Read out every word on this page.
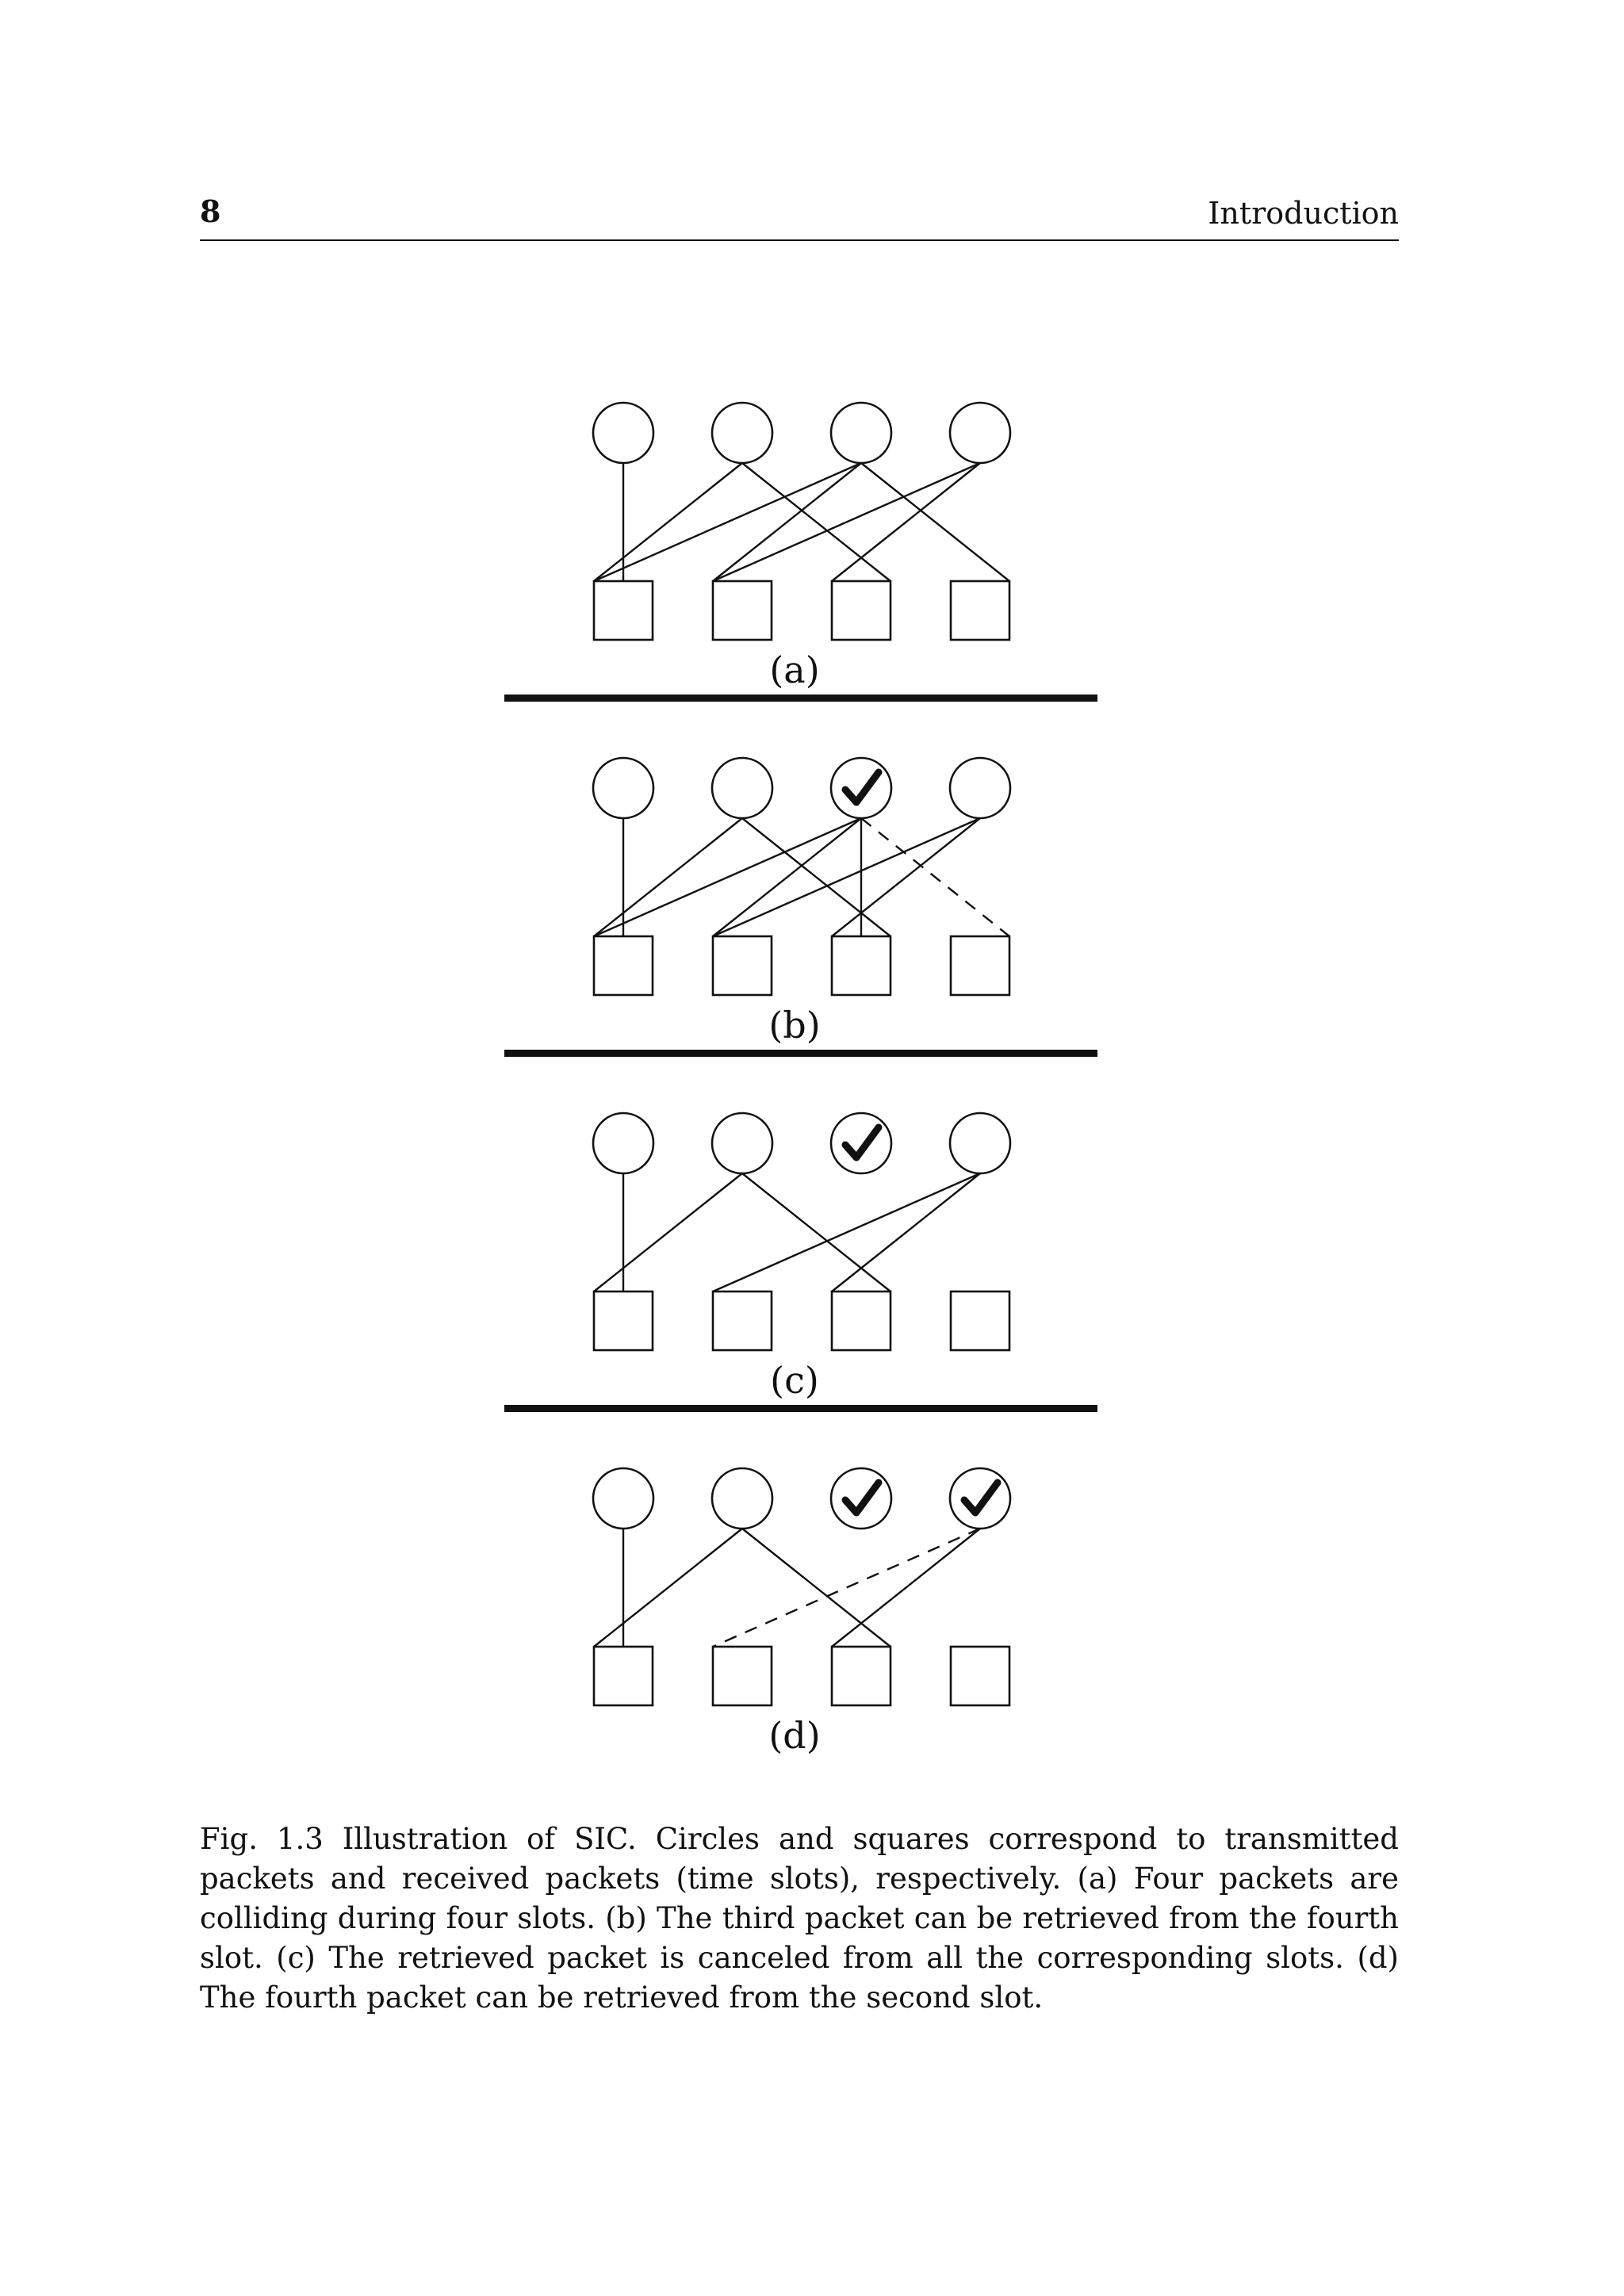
8	Introduction
(a)
(b)
(c)
(d)

Fig. 1.3 Illustration of SIC. Circles and squares correspond to transmitted packets and received packets (time slots), respectively. (a) Four packets are colliding during four slots. (b) The third packet can be retrieved from the fourth slot. (c) The retrieved packet is canceled from all the corresponding slots. (d) The fourth packet can be retrieved from the second slot.
